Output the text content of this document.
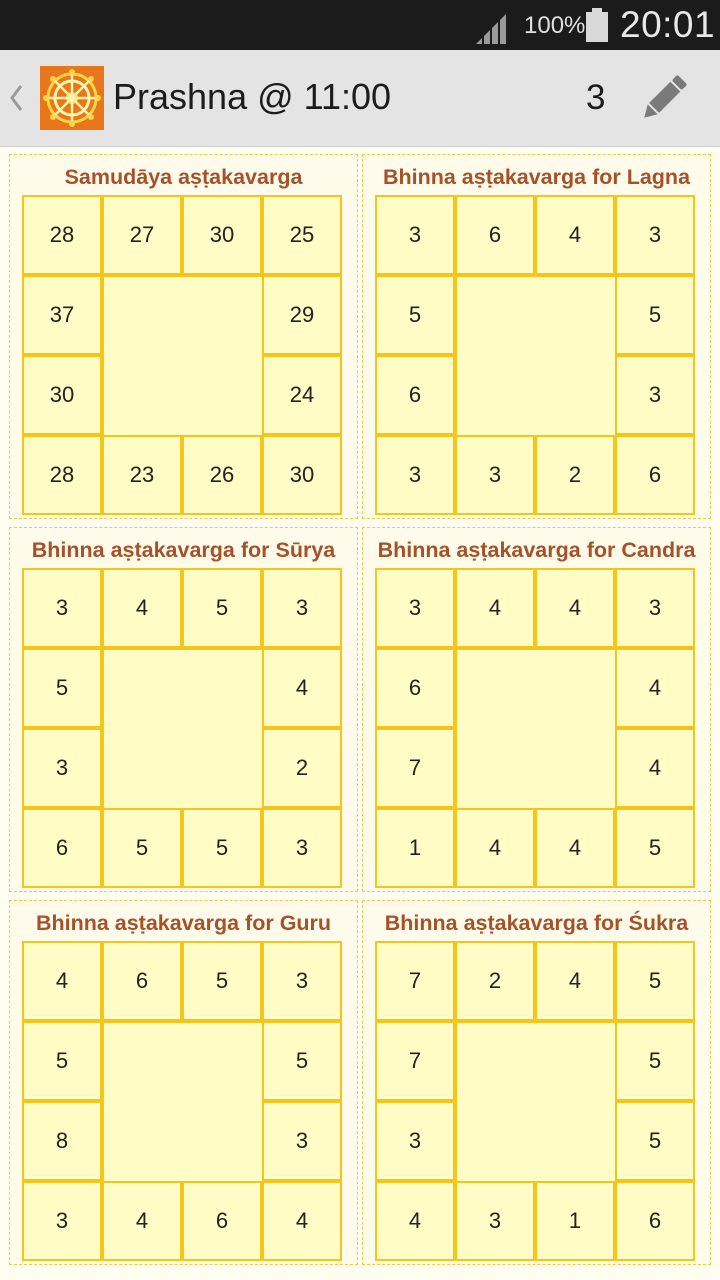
100% 20:01
Prashna @ 11:00	3
Samudāya aṣṭakavarga
28	27	30	25
37	29
30	24
28	23	26	30
Bhinna aṣṭakavarga for Lagna
3	6	4	3
5	5
6	3
3	3	2	6
Bhinna aṣṭakavarga for Sūrya
3	4	5	3
5	4
3	2
6	5	5	3
Bhinna aṣṭakavarga for Candra
3	4	4	3
6	4
7	4
1	4	4	5
Bhinna aṣṭakavarga for Guru
4	6	5	3
5	5
8	3
3	4	6	4
Bhinna aṣṭakavarga for Śukra
7	2	4	5
7	5
3	5
4	3	1	6
